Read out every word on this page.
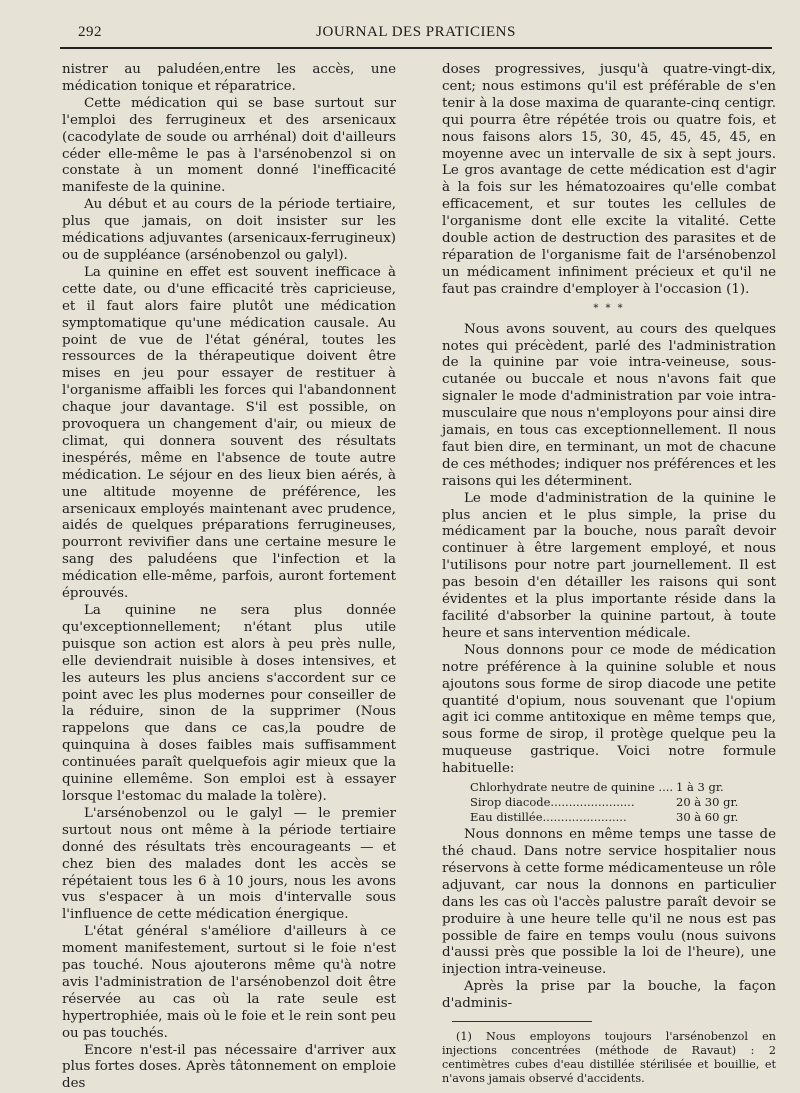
292	JOURNAL DES PRATICIENS

nistrer au paludéen,entre les accès, une médication tonique et réparatrice.

Cette médication qui se base surtout sur l'emploi des ferrugineux et des arsenicaux (cacodylate de soude ou arrhénal) doit d'ailleurs céder elle-même le pas à l'arsénobenzol si on constate à un moment donné l'inefficacité manifeste de la quinine.

Au début et au cours de la période tertiaire, plus que jamais, on doit insister sur les médications adjuvantes (arsenicaux-ferrugineux) ou de suppléance (arsénobenzol ou galyl).

La quinine en effet est souvent inefficace à cette date, ou d'une efficacité très capricieuse, et il faut alors faire plutôt une médication symptomatique qu'une médication causale. Au point de vue de l'état général, toutes les ressources de la thérapeutique doivent être mises en jeu pour essayer de restituer à l'organisme affaibli les forces qui l'abandonnent chaque jour davantage. S'il est possible, on provoquera un changement d'air, ou mieux de climat, qui donnera souvent des résultats inespérés, même en l'absence de toute autre médication. Le séjour en des lieux bien aérés, à une altitude moyenne de préférence, les arsenicaux employés maintenant avec prudence, aidés de quelques préparations ferrugineuses, pourront revivifier dans une certaine mesure le sang des paludéens que l'infection et la médication elle-même, parfois, auront fortement éprouvés.

La quinine ne sera plus donnée qu'exceptionnellement; n'étant plus utile puisque son action est alors à peu près nulle, elle deviendrait nuisible à doses intensives, et les auteurs les plus anciens s'accordent sur ce point avec les plus modernes pour conseiller de la réduire, sinon de la supprimer (Nous rappelons que dans ce cas,la poudre de quinquina à doses faibles mais suffisamment continuées paraît quelquefois agir mieux que la quinine ellemême. Son emploi est à essayer lorsque l'estomac du malade la tolère).

L'arsénobenzol ou le galyl — le premier surtout nous ont même à la période tertiaire donné des résultats très encourageants — et chez bien des malades dont les accès se répétaient tous les 6 à 10 jours, nous les avons vus s'espacer à un mois d'intervalle sous l'influence de cette médication énergique.

L'état général s'améliore d'ailleurs à ce moment manifestement, surtout si le foie n'est pas touché. Nous ajouterons même qu'à notre avis l'administration de l'arsénobenzol doit être réservée au cas où la rate seule est hypertrophiée, mais où le foie et le rein sont peu ou pas touchés.

Encore n'est-il pas nécessaire d'arriver aux plus fortes doses. Après tâtonnement on emploie des

doses progressives, jusqu'à quatre-vingt-dix, cent; nous estimons qu'il est préférable de s'en tenir à la dose maxima de quarante-cinq centigr. qui pourra être répétée trois ou quatre fois, et nous faisons alors 15, 30, 45, 45, 45, 45, en moyenne avec un intervalle de six à sept jours. Le gros avantage de cette médication est d'agir à la fois sur les hématozoaires qu'elle combat efficacement, et sur toutes les cellules de l'organisme dont elle excite la vitalité. Cette double action de destruction des parasites et de réparation de l'organisme fait de l'arsénobenzol un médicament infiniment précieux et qu'il ne faut pas craindre d'employer à l'occasion (1).

* * *

Nous avons souvent, au cours des quelques notes qui précèdent, parlé des l'administration de la quinine par voie intra-veineuse, sous-cutanée ou buccale et nous n'avons fait que signaler le mode d'administration par voie intra-musculaire que nous n'employons pour ainsi dire jamais, en tous cas exceptionnellement. Il nous faut bien dire, en terminant, un mot de chacune de ces méthodes; indiquer nos préférences et les raisons qui les déterminent.

Le mode d'administration de la quinine le plus ancien et le plus simple, la prise du médicament par la bouche, nous paraît devoir continuer à être largement employé, et nous l'utilisons pour notre part journellement. Il est pas besoin d'en détailler les raisons qui sont évidentes et la plus importante réside dans la facilité d'absorber la quinine partout, à toute heure et sans intervention médicale.

Nous donnons pour ce mode de médication notre préférence à la quinine soluble et nous ajoutons sous forme de sirop diacode une petite quantité d'opium, nous souvenant que l'opium agit ici comme antitoxique en même temps que, sous forme de sirop, il protège quelque peu la muqueuse gastrique. Voici notre formule habituelle:

Chlorhydrate neutre de quinine .... 1 à 3 gr.
Sirop diacode.......................	20 à 30 gr.
Eau distillée.......................	30 à 60 gr.

Nous donnons en même temps une tasse de thé chaud. Dans notre service hospitalier nous réservons à cette forme médicamenteuse un rôle adjuvant, car nous la donnons en particulier dans les cas où l'accès palustre paraît devoir se produire à une heure telle qu'il ne nous est pas possible de faire en temps voulu (nous suivons d'aussi près que possible la loi de l'heure), une injection intra-veineuse.

Après la prise par la bouche, la façon d'adminis-

(1) Nous employons toujours l'arsénobenzol en injections concentrées (méthode de Ravaut) : 2 centimètres cubes d'eau distillée stérilisée et bouillie, et n'avons jamais observé d'accidents.
